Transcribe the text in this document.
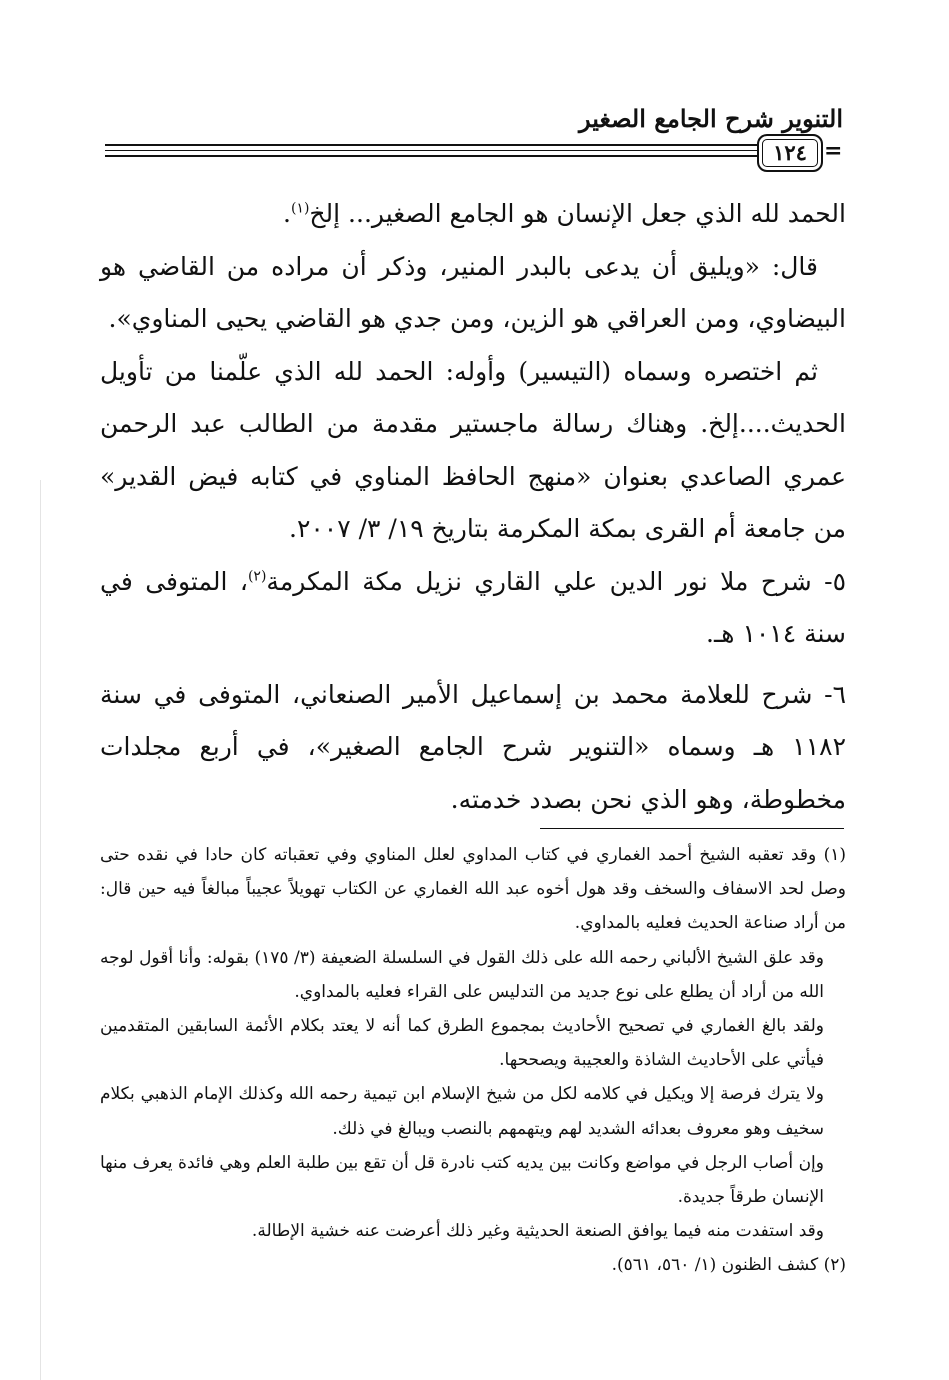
التنوير شرح الجامع الصغير
١٢٤ =

الحمد لله الذي جعل الإنسان هو الجامع الصغير... إلخ$^{(١)}$.

قال: «ويليق أن يدعى بالبدر المنير، وذكر أن مراده من القاضي هو البيضاوي، ومن العراقي هو الزين، ومن جدي هو القاضي يحيى المناوي».

ثم اختصره وسماه (التيسير) وأوله: الحمد لله الذي علّمنا من تأويل الحديث....إلخ. وهناك رسالة ماجستير مقدمة من الطالب عبد الرحمن عمري الصاعدي بعنوان «منهج الحافظ المناوي في كتابه فيض القدير» من جامعة أم القرى بمكة المكرمة بتاريخ ١٩/ ٣/ ٢٠٠٧.

٥- شرح ملا نور الدين علي القاري نزيل مكة المكرمة$^{(٢)}$، المتوفى في سنة ١٠١٤ هـ.

٦- شرح للعلامة محمد بن إسماعيل الأمير الصنعاني، المتوفى في سنة ١١٨٢ هـ وسماه «التنوير شرح الجامع الصغير»، في أربع مجلدات مخطوطة، وهو الذي نحن بصدد خدمته.

(١) وقد تعقبه الشيخ أحمد الغماري في كتاب المداوي لعلل المناوي وفي تعقباته كان حادا في نقده حتى وصل لحد الاسفاف والسخف وقد هول أخوه عبد الله الغماري عن الكتاب تهويلاً عجيباً مبالغاً فيه حين قال: من أراد صناعة الحديث فعليه بالمداوي.

وقد علق الشيخ الألباني رحمه الله على ذلك القول في السلسلة الضعيفة (٣/ ١٧٥) بقوله: وأنا أقول لوجه الله من أراد أن يطلع على نوع جديد من التدليس على القراء فعليه بالمداوي.

ولقد بالغ الغماري في تصحيح الأحاديث بمجموع الطرق كما أنه لا يعتد بكلام الأئمة السابقين المتقدمين فيأتي على الأحاديث الشاذة والعجيبة ويصححها.

ولا يترك فرصة إلا ويكيل في كلامه لكل من شيخ الإسلام ابن تيمية رحمه الله وكذلك الإمام الذهبي بكلام سخيف وهو معروف بعدائه الشديد لهم ويتهمهم بالنصب ويبالغ في ذلك.

وإن أصاب الرجل في مواضع وكانت بين يديه كتب نادرة قل أن تقع بين طلبة العلم وهي فائدة يعرف منها الإنسان طرقاً جديدة.

وقد استفدت منه فيما يوافق الصنعة الحديثية وغير ذلك أعرضت عنه خشية الإطالة.

(٢) كشف الظنون (١/ ٥٦٠، ٥٦١).
